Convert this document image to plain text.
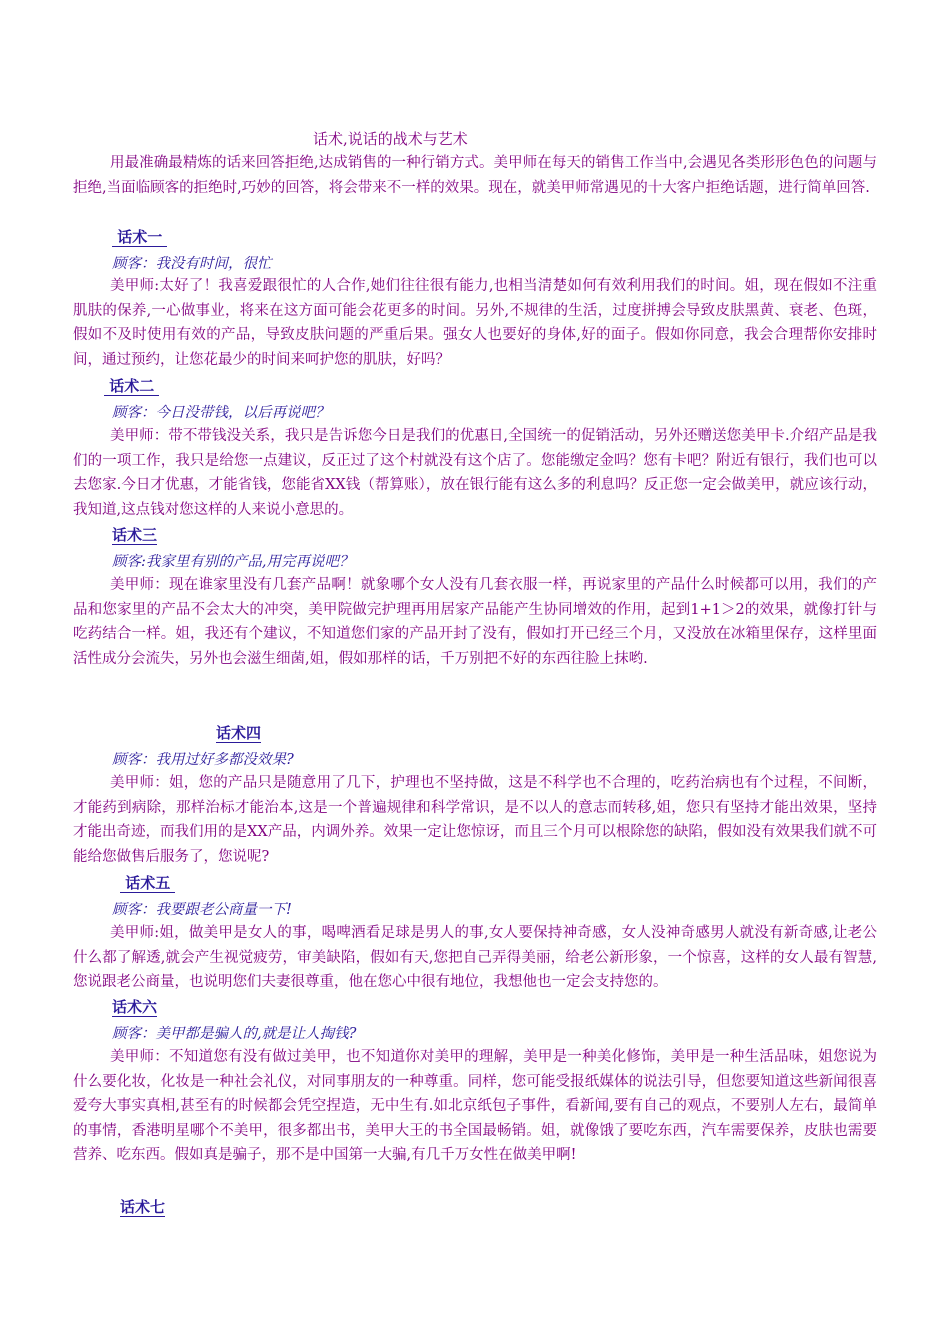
话术,说话的战术与艺术

用最准确最精炼的话来回答拒绝,达成销售的一种行销方式。美甲师在每天的销售工作当中,会遇见各类形形色色的问题与拒绝,当面临顾客的拒绝时,巧妙的回答，将会带来不一样的效果。现在，就美甲师常遇见的十大客户拒绝话题，进行简单回答.

话术一
顾客：我没有时间，很忙

美甲师:太好了！我喜爱跟很忙的人合作,她们往往很有能力,也相当清楚如何有效利用我们的时间。姐，现在假如不注重肌肤的保养,一心做事业，将来在这方面可能会花更多的时间。另外,不规律的生活，过度拼搏会导致皮肤黑黄、衰老、色斑，假如不及时使用有效的产品，导致皮肤问题的严重后果。强女人也要好的身体,好的面子。假如你同意，我会合理帮你安排时间，通过预约，让您花最少的时间来呵护您的肌肤，好吗？

话术二
顾客：今日没带钱，以后再说吧？

美甲师：带不带钱没关系，我只是告诉您今日是我们的优惠日,全国统一的促销活动，另外还赠送您美甲卡.介绍产品是我们的一项工作，我只是给您一点建议，反正过了这个村就没有这个店了。您能缴定金吗？您有卡吧？附近有银行，我们也可以去您家.今日才优惠，才能省钱，您能省XX钱（帮算账），放在银行能有这么多的利息吗？反正您一定会做美甲，就应该行动，我知道,这点钱对您这样的人来说小意思的。

话术三
顾客:我家里有别的产品,用完再说吧？

美甲师：现在谁家里没有几套产品啊！就象哪个女人没有几套衣服一样，再说家里的产品什么时候都可以用，我们的产品和您家里的产品不会太大的冲突，美甲院做完护理再用居家产品能产生协同增效的作用，起到1+1＞2的效果，就像打针与吃药结合一样。姐，我还有个建议，不知道您们家的产品开封了没有，假如打开已经三个月，又没放在冰箱里保存，这样里面活性成分会流失，另外也会滋生细菌,姐，假如那样的话，千万别把不好的东西往脸上抹哟.

话术四
顾客：我用过好多都没效果?

美甲师：姐，您的产品只是随意用了几下，护理也不坚持做，这是不科学也不合理的，吃药治病也有个过程，不间断，才能药到病除，那样治标才能治本,这是一个普遍规律和科学常识，是不以人的意志而转移,姐，您只有坚持才能出效果，坚持才能出奇迹，而我们用的是XX产品，内调外养。效果一定让您惊讶，而且三个月可以根除您的缺陷，假如没有效果我们就不可能给您做售后服务了，您说呢?

话术五
顾客：我要跟老公商量一下!

美甲师:姐，做美甲是女人的事，喝啤酒看足球是男人的事,女人要保持神奇感，女人没神奇感男人就没有新奇感,让老公什么都了解透,就会产生视觉疲劳，审美缺陷，假如有天,您把自己弄得美丽，给老公新形象，一个惊喜，这样的女人最有智慧,您说跟老公商量，也说明您们夫妻很尊重，他在您心中很有地位，我想他也一定会支持您的。

话术六
顾客：美甲都是骗人的,就是让人掏钱?

美甲师：不知道您有没有做过美甲，也不知道你对美甲的理解，美甲是一种美化修饰，美甲是一种生活品味，姐您说为什么要化妆，化妆是一种社会礼仪，对同事朋友的一种尊重。同样，您可能受报纸媒体的说法引导，但您要知道这些新闻很喜爱夸大事实真相,甚至有的时候都会凭空捏造，无中生有.如北京纸包子事件，看新闻,要有自己的观点，不要别人左右，最简单的事情，香港明星哪个不美甲，很多都出书，美甲大王的书全国最畅销。姐，就像饿了要吃东西，汽车需要保养，皮肤也需要营养、吃东西。假如真是骗子，那不是中国第一大骗,有几千万女性在做美甲啊!

话术七
